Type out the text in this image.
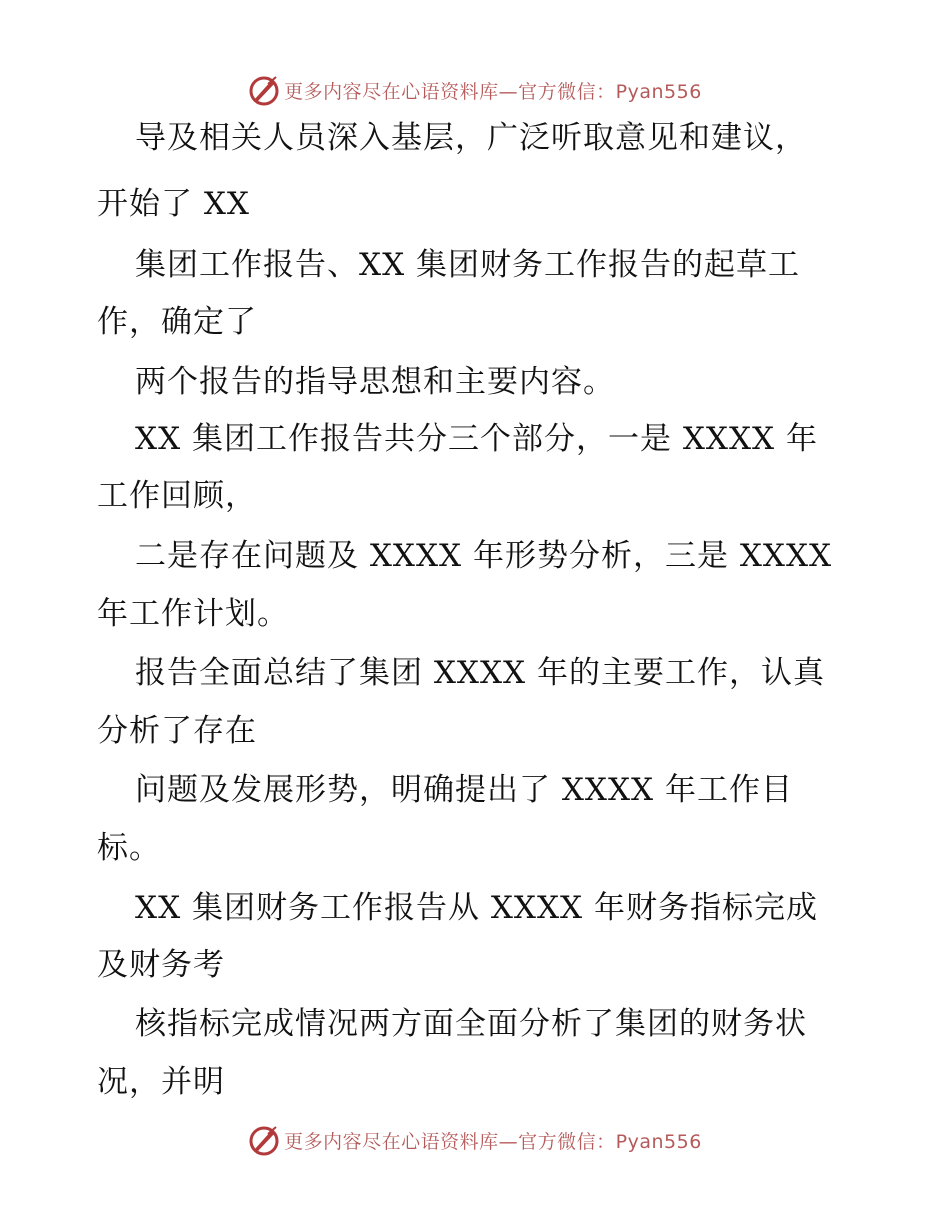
更多内容尽在心语资料库—官方微信：Pyan556
导及相关人员深入基层，广泛听取意见和建议，
开始了 XX
集团工作报告、XX 集团财务工作报告的起草工
作，确定了
两个报告的指导思想和主要内容。
XX 集团工作报告共分三个部分，一是 XXXX 年
工作回顾，
二是存在问题及 XXXX 年形势分析，三是 XXXX
年工作计划。
报告全面总结了集团 XXXX 年的主要工作，认真
分析了存在
问题及发展形势，明确提出了 XXXX 年工作目
标。
XX 集团财务工作报告从 XXXX 年财务指标完成
及财务考
核指标完成情况两方面全面分析了集团的财务状
况，并明
更多内容尽在心语资料库—官方微信：Pyan556
